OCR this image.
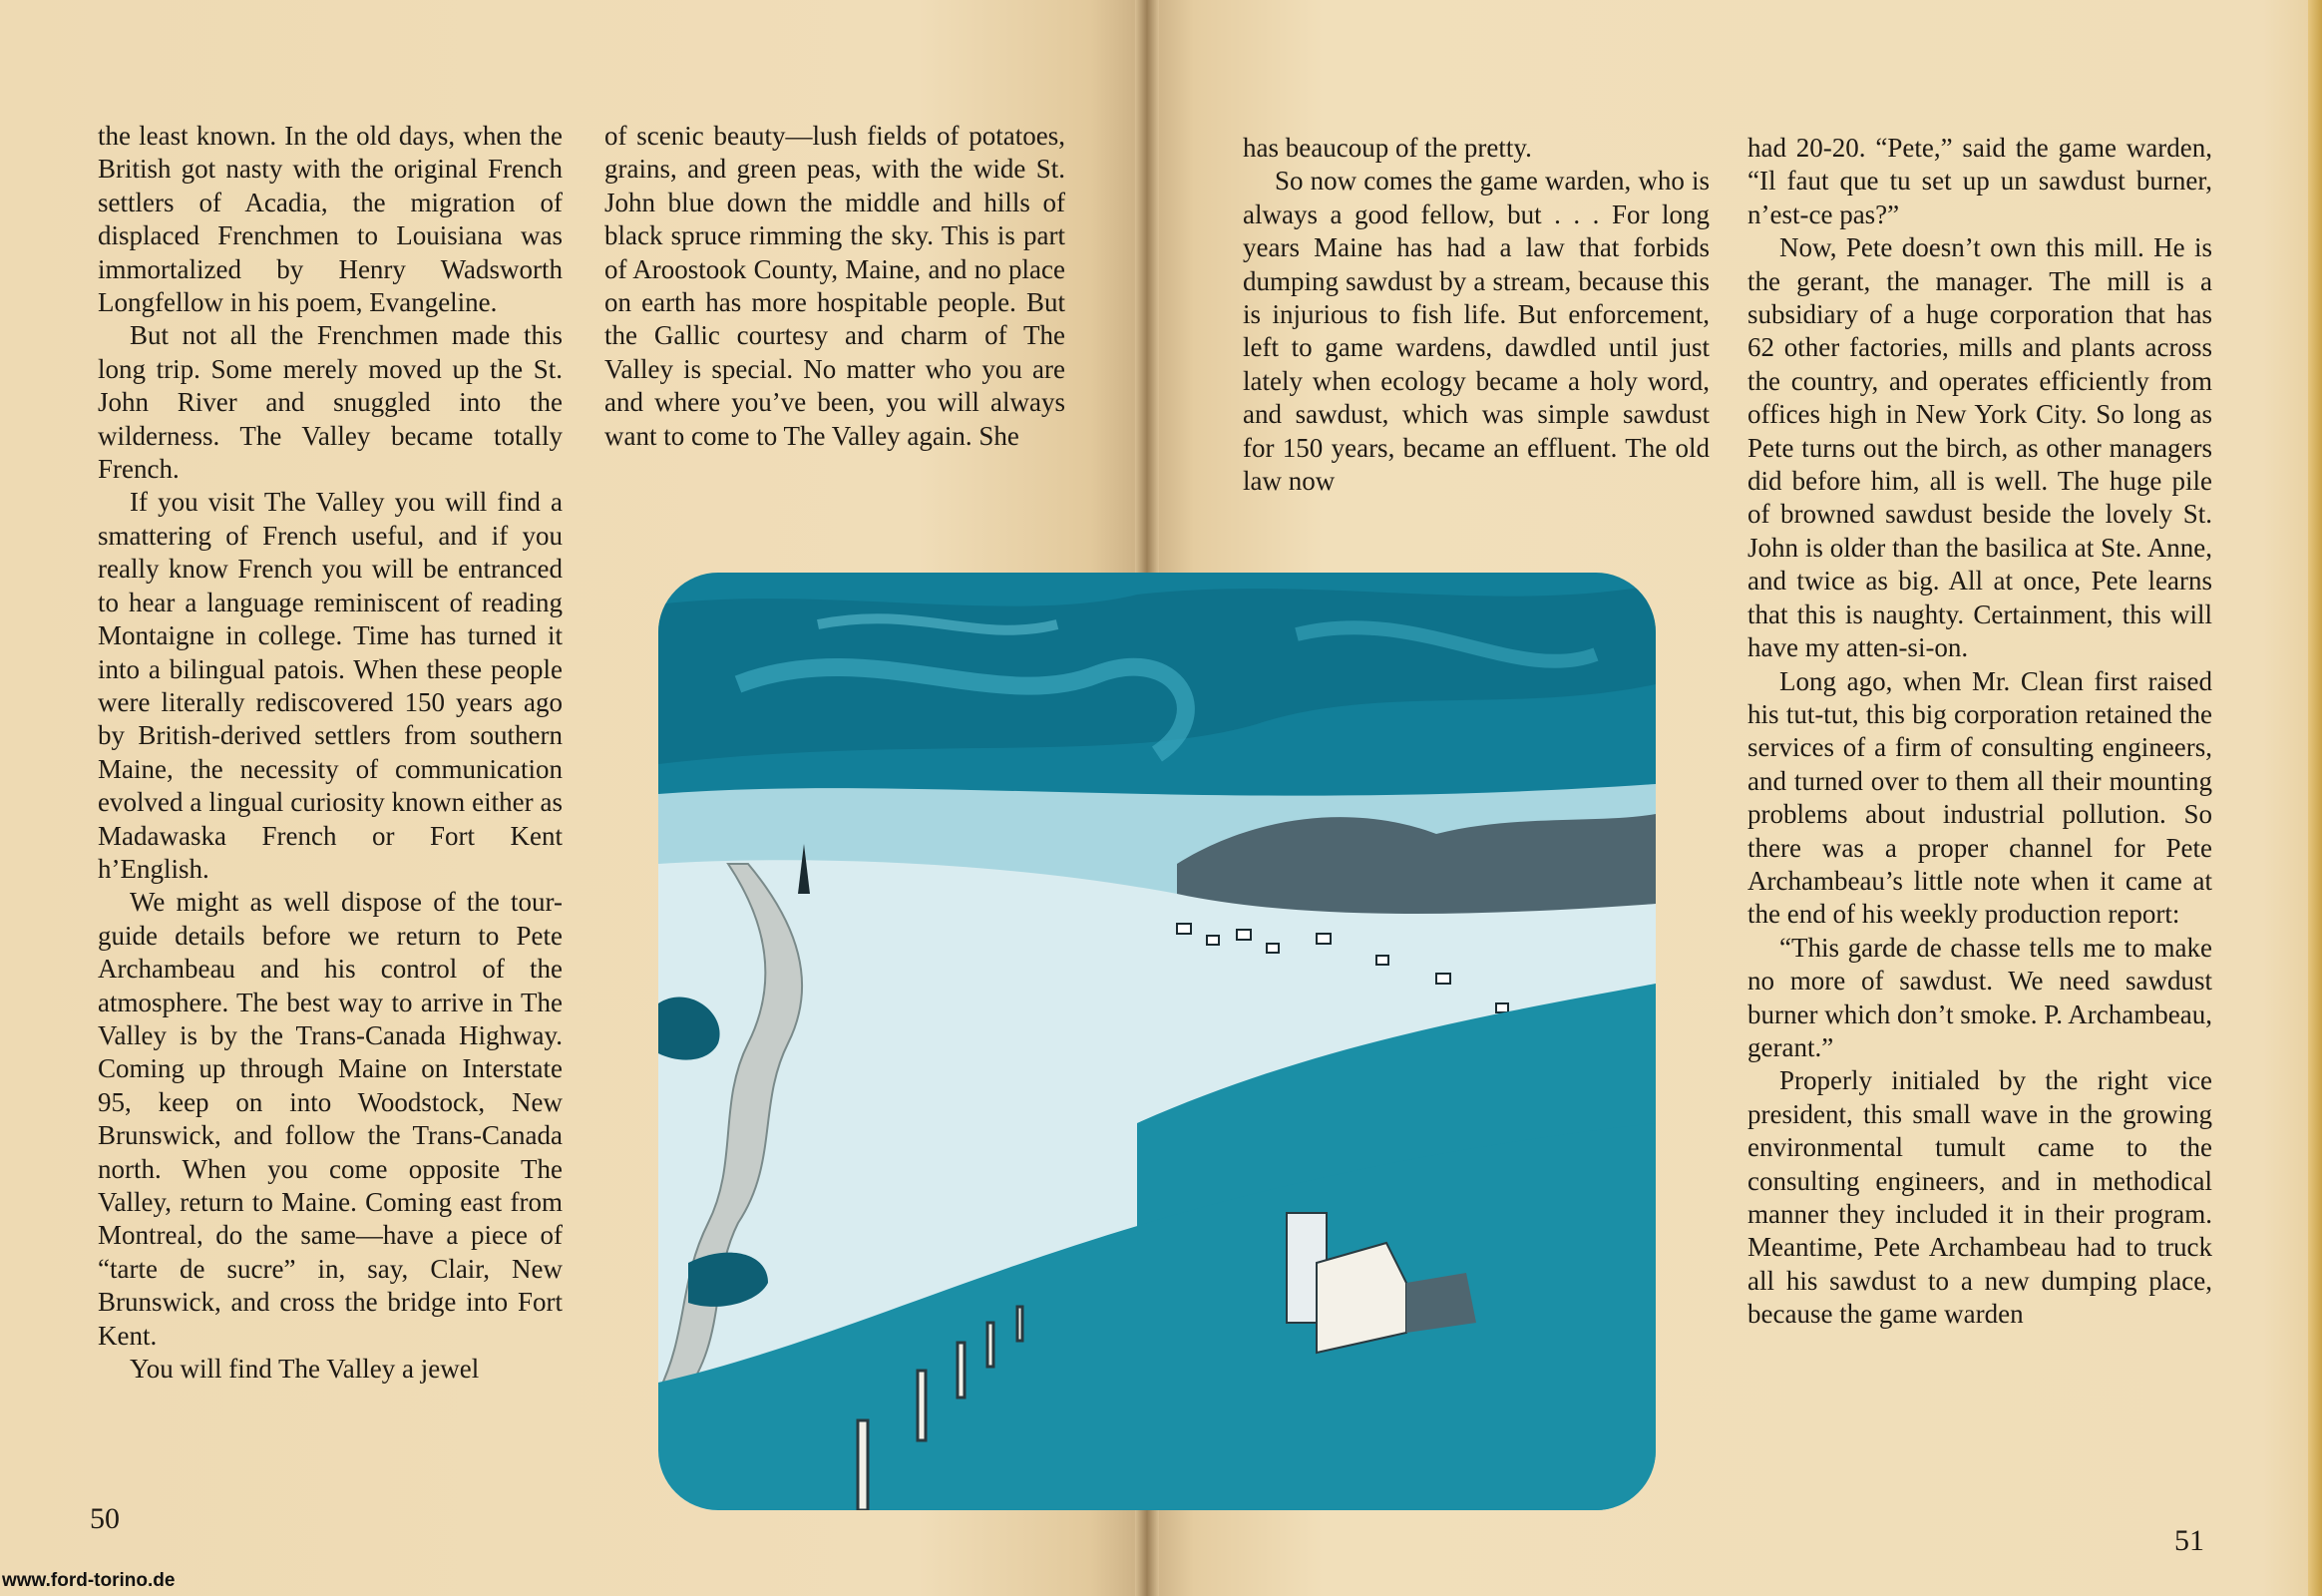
the least known. In the old days, when the British got nasty with the original French settlers of Acadia, the migration of displaced Frenchmen to Louisiana was immortalized by Henry Wadsworth Longfellow in his poem, Evangeline.

But not all the Frenchmen made this long trip. Some merely moved up the St. John River and snuggled into the wilderness. The Valley became totally French.

If you visit The Valley you will find a smattering of French useful, and if you really know French you will be entranced to hear a language reminiscent of reading Montaigne in college. Time has turned it into a bilingual patois. When these people were literally rediscovered 150 years ago by British-derived settlers from southern Maine, the necessity of communication evolved a lingual curiosity known either as Madawaska French or Fort Kent h’English.

We might as well dispose of the tour-guide details before we return to Pete Archambeau and his control of the atmosphere. The best way to arrive in The Valley is by the Trans-Canada Highway. Coming up through Maine on Interstate 95, keep on into Woodstock, New Brunswick, and follow the Trans-Canada north. When you come opposite The Valley, return to Maine. Coming east from Montreal, do the same—have a piece of “tarte de sucre” in, say, Clair, New Brunswick, and cross the bridge into Fort Kent.

You will find The Valley a jewel

of scenic beauty—lush fields of potatoes, grains, and green peas, with the wide St. John blue down the middle and hills of black spruce rimming the sky. This is part of Aroostook County, Maine, and no place on earth has more hospitable people. But the Gallic courtesy and charm of The Valley is special. No matter who you are and where you’ve been, you will always want to come to The Valley again. She

has beaucoup of the pretty.

So now comes the game warden, who is always a good fellow, but . . . For long years Maine has had a law that forbids dumping sawdust by a stream, because this is injurious to fish life. But enforcement, left to game wardens, dawdled until just lately when ecology became a holy word, and sawdust, which was simple sawdust for 150 years, became an effluent. The old law now

had 20-20. “Pete,” said the game warden, “Il faut que tu set up un sawdust burner, n’est-ce pas?”

Now, Pete doesn’t own this mill. He is the gerant, the manager. The mill is a subsidiary of a huge corporation that has 62 other factories, mills and plants across the country, and operates efficiently from offices high in New York City. So long as Pete turns out the birch, as other managers did before him, all is well. The huge pile of browned sawdust beside the lovely St. John is older than the basilica at Ste. Anne, and twice as big. All at once, Pete learns that this is naughty. Certainment, this will have my atten-si-on.

Long ago, when Mr. Clean first raised his tut-tut, this big corporation retained the services of a firm of consulting engineers, and turned over to them all their mounting problems about industrial pollution. So there was a proper channel for Pete Archambeau’s little note when it came at the end of his weekly production report:

“This garde de chasse tells me to make no more of sawdust. We need sawdust burner which don’t smoke. P. Archambeau, gerant.”

Properly initialed by the right vice president, this small wave in the growing environmental tumult came to the consulting engineers, and in methodical manner they included it in their program. Meantime, Pete Archambeau had to truck all his sawdust to a new dumping place, because the game warden

50
51
www.ford-torino.de
